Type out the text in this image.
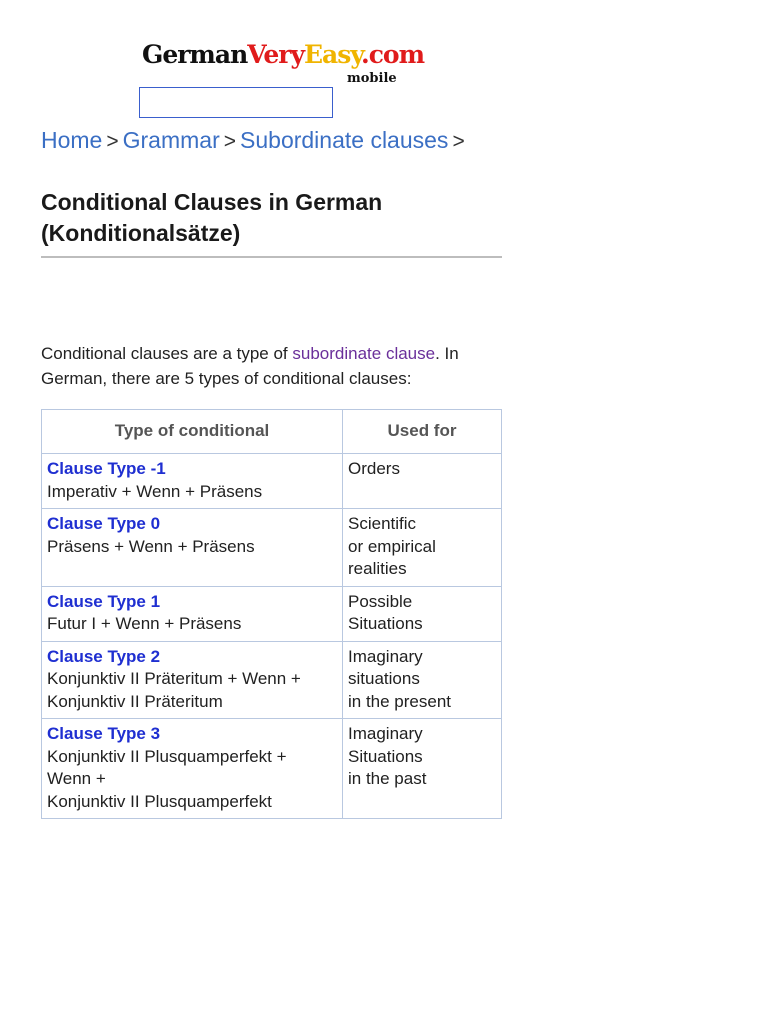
GermanVeryEasy.com
mobile
Home > Grammar > Subordinate clauses >
Conditional Clauses in German
(Konditionalsätze)

Conditional clauses are a type of subordinate clause. In German, there are 5 types of conditional clauses:

Type of conditional	Used for

Clause Type -1
Imperativ + Wenn + Präsens	Orders

Clause Type 0
Präsens + Wenn + Präsens	Scientific
or empirical
realities

Clause Type 1
Futur I + Wenn + Präsens	Possible
Situations

Clause Type 2
Konjunktiv II Präteritum + Wenn +
Konjunktiv II Präteritum	Imaginary
situations
in the present

Clause Type 3
Konjunktiv II Plusquamperfekt +
Wenn +
Konjunktiv II Plusquamperfekt	Imaginary
Situations
in the past
